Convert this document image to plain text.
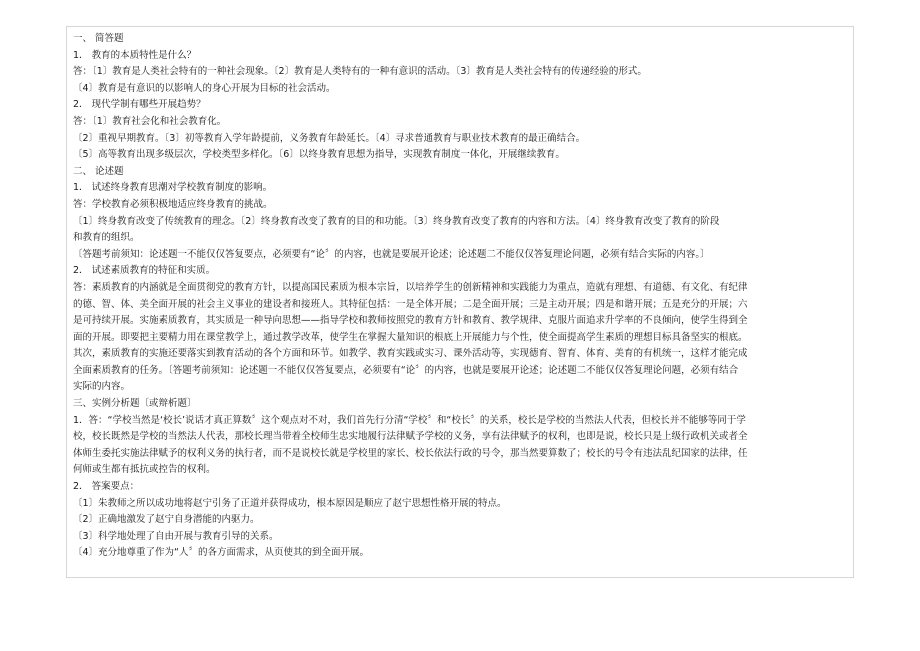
一、 简答题
1． 教育的本质特性是什么？
答：〔1〕教育是人类社会特有的一种社会现象。〔2〕教育是人类特有的一种有意识的活动。〔3〕教育是人类社会特有的传递经验的形式。
〔4〕教育是有意识的以影响人的身心开展为目标的社会活动。
2． 现代学制有哪些开展趋势？
答：〔1〕教育社会化和社会教育化。
〔2〕重视早期教育。〔3〕初等教育入学年龄提前，义务教育年龄延长。〔4〕寻求普通教育与职业技术教育的最正确结合。
〔5〕高等教育出现多级层次，学校类型多样化。〔6〕以终身教育思想为指导，实现教育制度一体化，开展继续教育。
二、 论述题
1． 试述终身教育思潮对学校教育制度的影响。
答：学校教育必须积极地适应终身教育的挑战。
〔1〕终身教育改变了传统教育的理念。〔2〕终身教育改变了教育的目的和功能。〔3〕终身教育改变了教育的内容和方法。〔4〕终身教育改变了教育的阶段
和教育的组织。
〔答题考前须知：论述题一不能仅仅答复要点，必须要有“论〞的内容，也就是要展开论述；论述题二不能仅仅答复理论问题，必须有结合实际的内容。〕
2． 试述素质教育的特征和实质。
答：素质教育的内涵就是全面贯彻党的教育方针，以提高国民素质为根本宗旨，以培养学生的创新精神和实践能力为重点，造就有理想、有道德、有文化、有纪律
的德、智、体、美全面开展的社会主义事业的建设者和接班人。其特征包括：一是全体开展；二是全面开展；三是主动开展；四是和谐开展；五是充分的开展；六
是可持续开展。实施素质教育，其实质是一种导向思想——指导学校和教师按照党的教育方针和教育、教学规律、克服片面追求升学率的不良倾向，使学生得到全
面的开展。即要把主要精力用在课堂教学上，通过教学改革，使学生在掌握大量知识的根底上开展能力与个性，使全面提高学生素质的理想目标具备坚实的根底。
其次，素质教育的实施还要落实到教育活动的各个方面和环节。如教学、教育实践或实习、课外活动等，实现德育、智育、体育、美育的有机统一，这样才能完成
全面素质教育的任务。〔答题考前须知：论述题一不能仅仅答复要点，必须要有“论〞的内容，也就是要展开论述；论述题二不能仅仅答复理论问题，必须有结合
实际的内容。
三、实例分析题〔或辩析题〕
1．答：“学校当然是‘校长’说话才真正算数〞这个观点对不对，我们首先行分清“学校〞和“校长〞的关系，校长是学校的当然法人代表，但校长并不能够等同于学
校，校长既然是学校的当然法人代表，那校长理当带着全校师生忠实地履行法律赋予学校的义务，享有法律赋予的权利，也即是说，校长只是上级行政机关或者全
体师生委托实施法律赋予的权利义务的执行者，而不是说校长就是学校里的家长、校长依法行政的号令，那当然要算数了；校长的号令有违法乱纪国家的法律，任
何师或生都有抵抗或控告的权利。
2． 答案要点：
〔1〕朱教师之所以成功地将赵宁引务了正道并获得成功，根本原因是顺应了赵宁思想性格开展的特点。
〔2〕正确地激发了赵宁自身潜能的内驱力。
〔3〕科学地处理了自由开展与教育引导的关系。
〔4〕充分地尊重了作为“人〞的各方面需求，从页使其的到全面开展。
